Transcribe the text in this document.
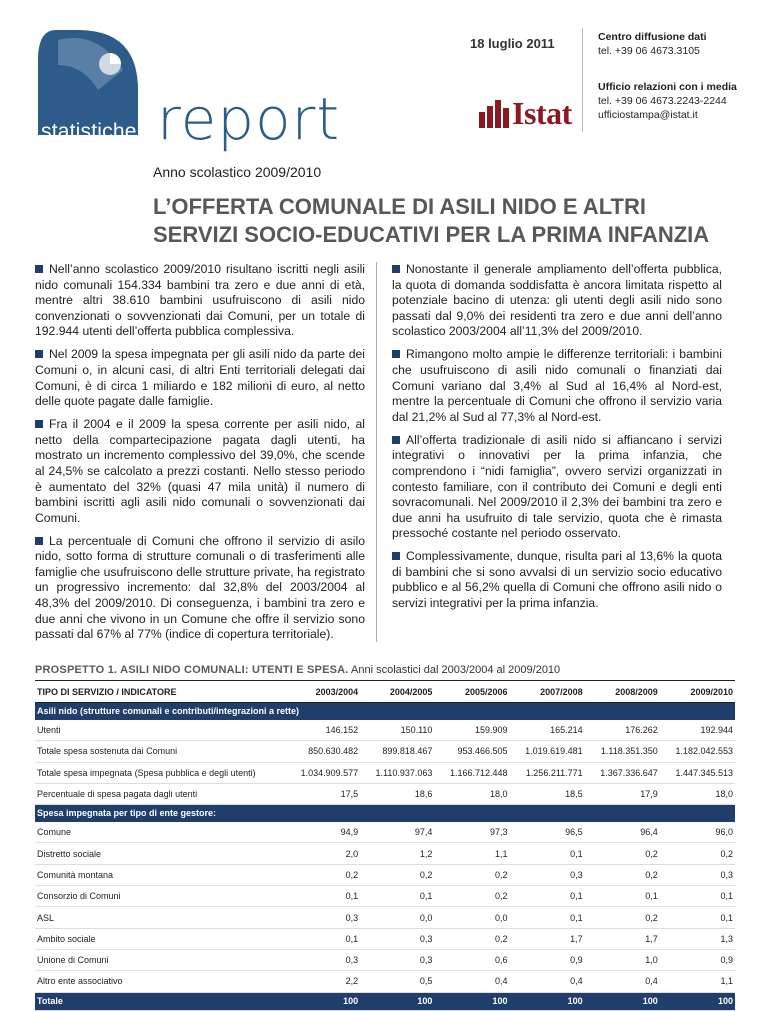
statistiche report
18 luglio 2011	Centro diffusione dati
tel. +39 06 4673.3105
Ufficio relazioni con i media
tel. +39 06 4673.2243-2244
ufficiostampa@istat.it
Istat
Anno scolastico 2009/2010
L’OFFERTA COMUNALE DI ASILI NIDO E ALTRI
SERVIZI SOCIO-EDUCATIVI PER LA PRIMA INFANZIA

Nell’anno scolastico 2009/2010 risultano iscritti negli asili nido comunali 154.334 bambini tra zero e due anni di età, mentre altri 38.610 bambini usufruiscono di asili nido convenzionati o sovvenzionati dai Comuni, per un totale di 192.944 utenti dell’offerta pubblica complessiva.

Nel 2009 la spesa impegnata per gli asili nido da parte dei Comuni o, in alcuni casi, di altri Enti territoriali delegati dai Comuni, è di circa 1 miliardo e 182 milioni di euro, al netto delle quote pagate dalle famiglie.

Fra il 2004 e il 2009 la spesa corrente per asili nido, al netto della compartecipazione pagata dagli utenti, ha mostrato un incremento complessivo del 39,0%, che scende al 24,5% se calcolato a prezzi costanti. Nello stesso periodo è aumentato del 32% (quasi 47 mila unità) il numero di bambini iscritti agli asili nido comunali o sovvenzionati dai Comuni.

La percentuale di Comuni che offrono il servizio di asilo nido, sotto forma di strutture comunali o di trasferimenti alle famiglie che usufruiscono delle strutture private, ha registrato un progressivo incremento: dal 32,8% del 2003/2004 al 48,3% del 2009/2010. Di conseguenza, i bambini tra zero e due anni che vivono in un Comune che offre il servizio sono passati dal 67% al 77% (indice di copertura territoriale).

Nonostante il generale ampliamento dell’offerta pubblica, la quota di domanda soddisfatta è ancora limitata rispetto al potenziale bacino di utenza: gli utenti degli asili nido sono passati dal 9,0% dei residenti tra zero e due anni dell’anno scolastico 2003/2004 all’11,3% del 2009/2010.

Rimangono molto ampie le differenze territoriali: i bambini che usufruiscono di asili nido comunali o finanziati dai Comuni variano dal 3,4% al Sud al 16,4% al Nord-est, mentre la percentuale di Comuni che offrono il servizio varia dal 21,2% al Sud al 77,3% al Nord-est.

All’offerta tradizionale di asili nido si affiancano i servizi integrativi o innovativi per la prima infanzia, che comprendono i “nidi famiglia”, ovvero servizi organizzati in contesto familiare, con il contributo dei Comuni e degli enti sovracomunali. Nel 2009/2010 il 2,3% dei bambini tra zero e due anni ha usufruito di tale servizio, quota che è rimasta pressoché costante nel periodo osservato.

Complessivamente, dunque, risulta pari al 13,6% la quota di bambini che si sono avvalsi di un servizio socio educativo pubblico e al 56,2% quella di Comuni che offrono asili nido o servizi integrativi per la prima infanzia.

PROSPETTO 1. ASILI NIDO COMUNALI: UTENTI E SPESA. Anni scolastici dal 2003/2004 al 2009/2010
TIPO DI SERVIZIO / INDICATORE	2003/2004	2004/2005	2005/2006	2007/2008	2008/2009	2009/2010
Asili nido (strutture comunali e contributi/integrazioni a rette)						
Utenti	146.152	150.110	159.909	165.214	176.262	192.944
Totale spesa sostenuta dai Comuni	850.630.482	899.818.467	953.466.505	1.019.619.481	1.118.351.350	1.182.042.553
Totale spesa impegnata (Spesa pubblica e degli utenti)	1.034.909.577	1.110.937.063	1.166.712.448	1.256.211.771	1.367.336.647	1.447.345.513
Percentuale di spesa pagata dagli utenti	17,5	18,6	18,0	18,5	17,9	18,0
Spesa impegnata per tipo di ente gestore:						
Comune	94,9	97,4	97,3	96,5	96,4	96,0
Distretto sociale	2,0	1,2	1,1	0,1	0,2	0,2
Comunità montana	0,2	0,2	0,2	0,3	0,2	0,3
Consorzio di Comuni	0,1	0,1	0,2	0,1	0,1	0,1
ASL	0,3	0,0	0,0	0,1	0,2	0,1
Ambito sociale	0,1	0,3	0,2	1,7	1,7	1,3
Unione di Comuni	0,3	0,3	0,6	0,9	1,0	0,9
Altro ente associativo	2,2	0,5	0,4	0,4	0,4	1,1
Totale	100	100	100	100	100	100
